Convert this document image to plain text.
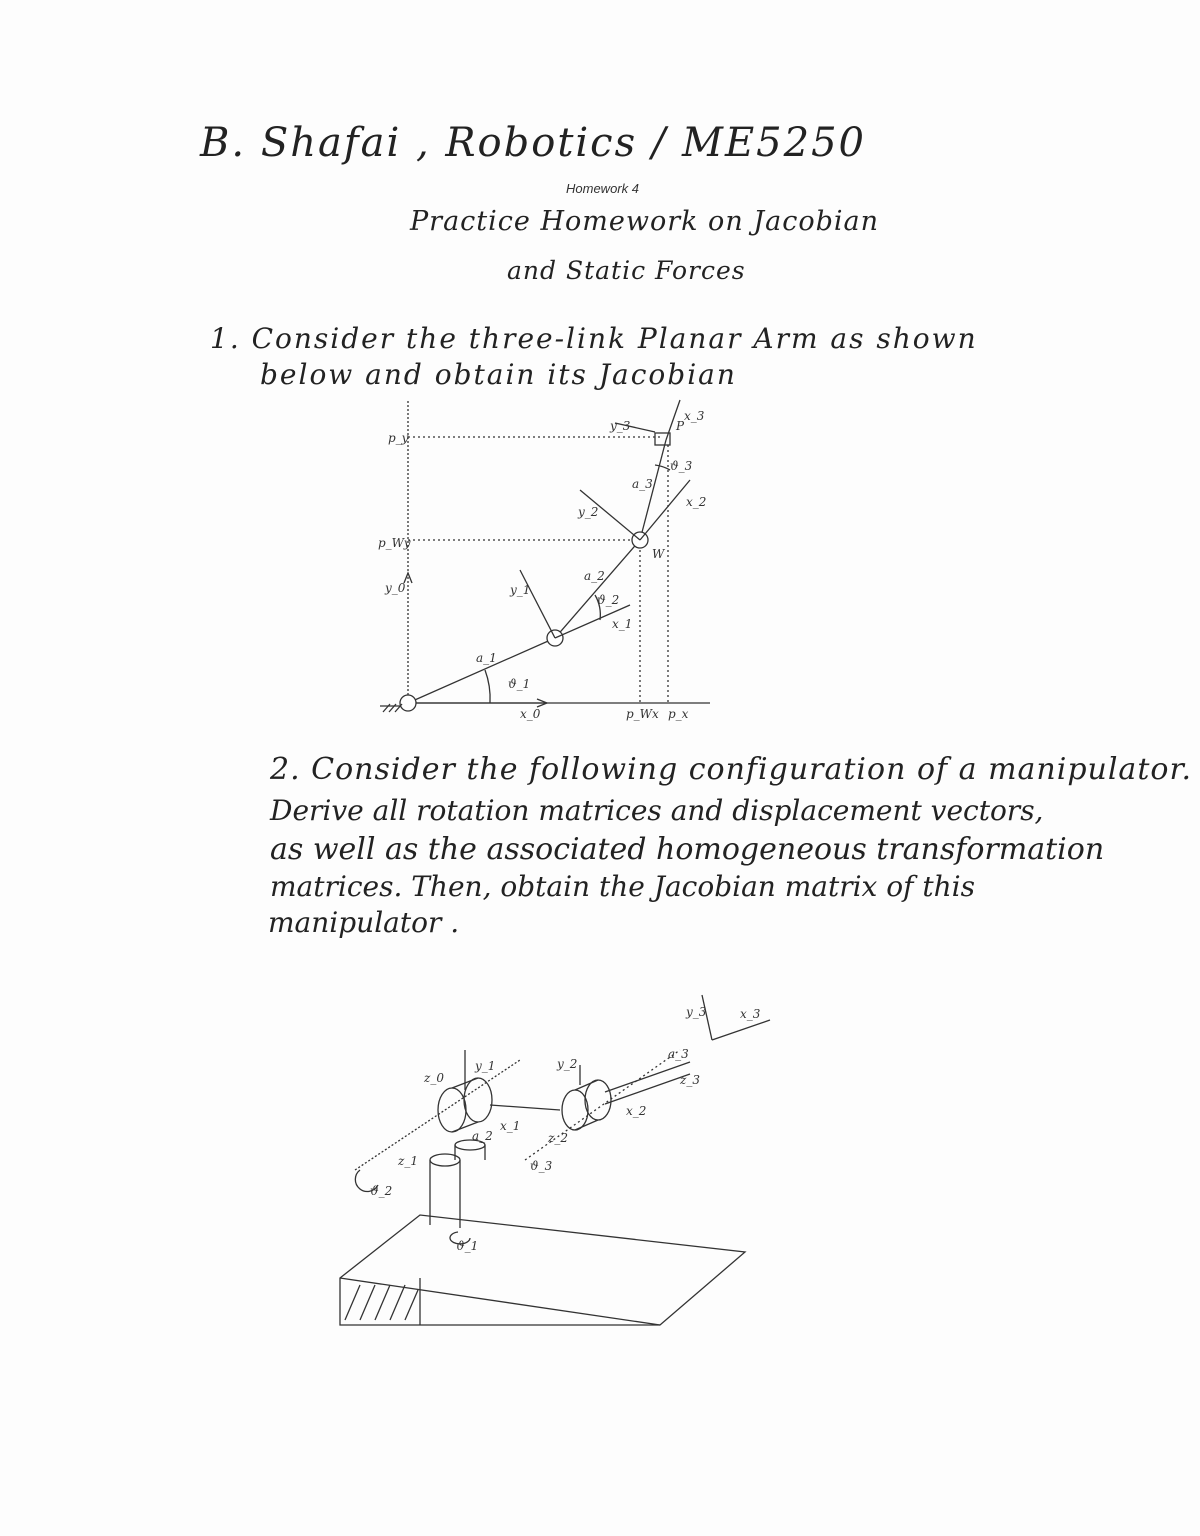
B. Shafai , Robotics / ME5250
Homework 4
Practice Homework on Jacobian
and Static Forces
1. Consider the three-link Planar Arm as shown
below and obtain its Jacobian
p_y
p_Wy
y_0
x_0	p_Wx p_x
a_1
a_2
a_3
ϑ_1
ϑ_2
ϑ_3
x_1
y_1
x_2
y_2
x_3
y_3
W
P
2. Consider the following configuration of a manipulator.
Derive all rotation matrices and displacement vectors,
as well as the associated homogeneous transformation
matrices. Then, obtain the Jacobian matrix of this
manipulator .
z_0
y_1
x_1
z_1
y_2
x_2
z_2
a_2
a_3
z_3
y_3	x_3
ϑ_1
ϑ_2
ϑ_3
